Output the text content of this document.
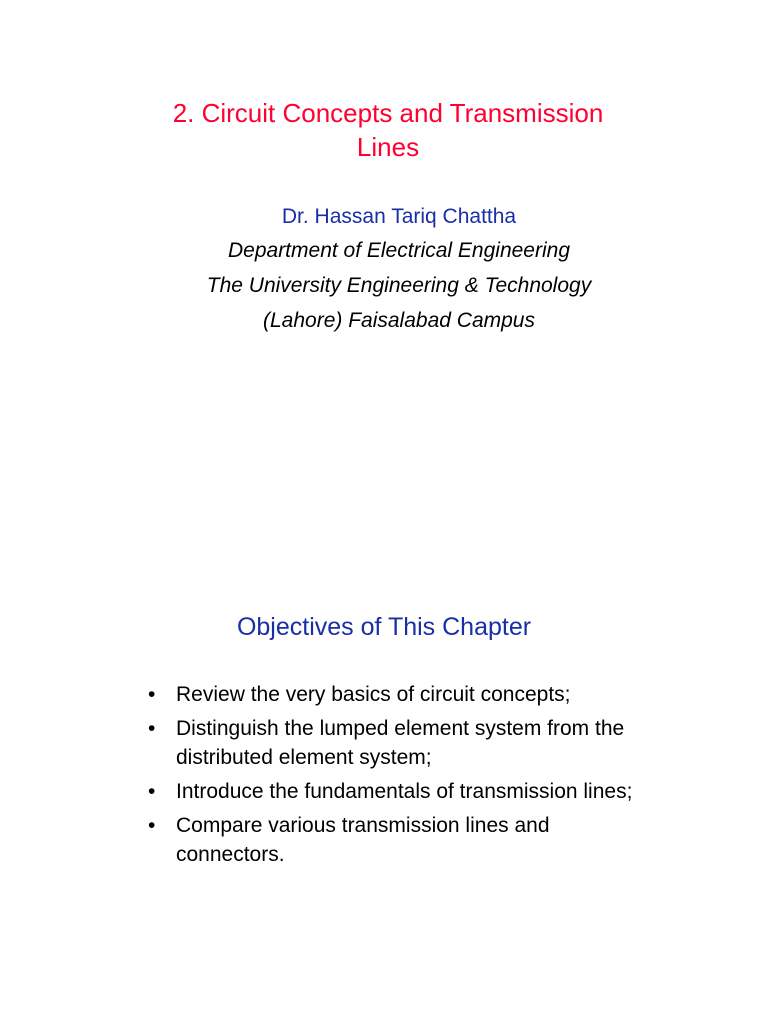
2. Circuit Concepts and Transmission
Lines
Dr. Hassan Tariq Chattha
Department of Electrical Engineering
The University Engineering & Technology
(Lahore) Faisalabad Campus
Objectives of This Chapter
• Review the very basics of circuit concepts;
• Distinguish the lumped element system from the distributed element system;
• Introduce the fundamentals of transmission lines;
• Compare various transmission lines and connectors.
